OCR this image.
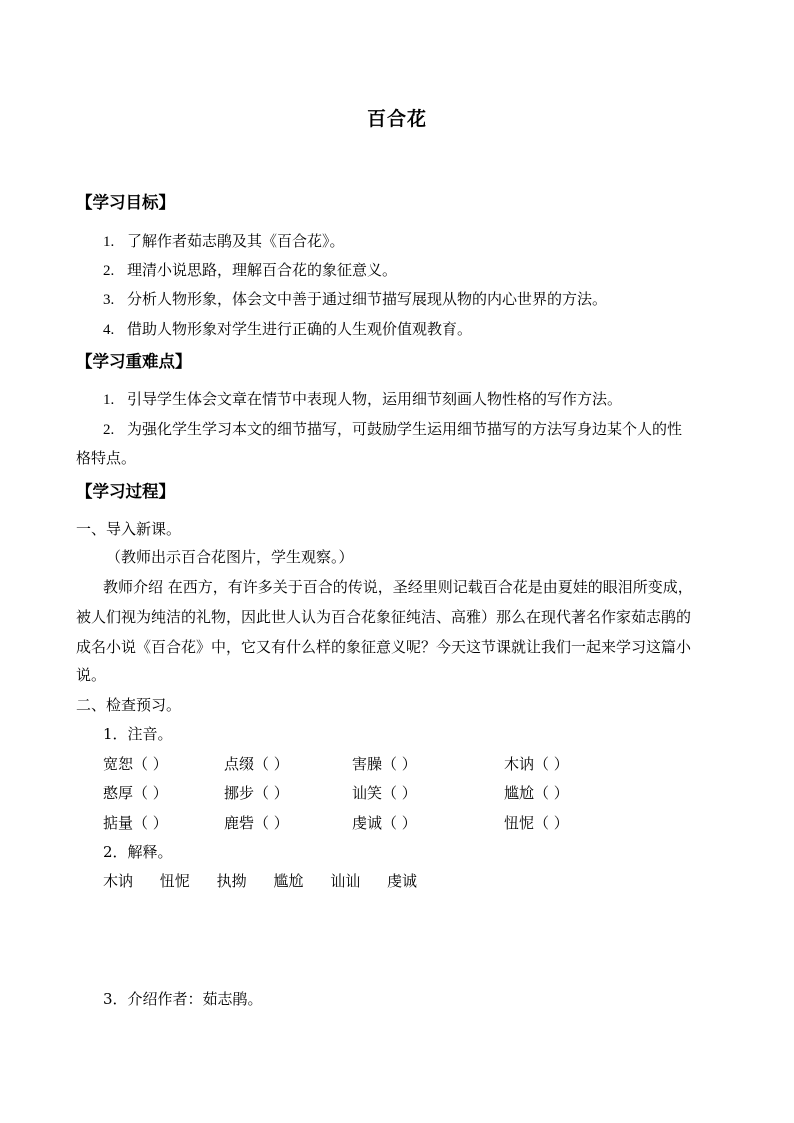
百合花
【学习目标】
1. 了解作者茹志鹃及其《百合花》。
2. 理清小说思路，理解百合花的象征意义。
3. 分析人物形象，体会文中善于通过细节描写展现从物的内心世界的方法。
4. 借助人物形象对学生进行正确的人生观价值观教育。
【学习重难点】
1. 引导学生体会文章在情节中表现人物，运用细节刻画人物性格的写作方法。
2. 为强化学生学习本文的细节描写，可鼓励学生运用细节描写的方法写身边某个人的性
格特点。
【学习过程】
一、导入新课。
（教师出示百合花图片，学生观察。）
教师介绍 在西方，有许多关于百合的传说，圣经里则记载百合花是由夏娃的眼泪所变成，
被人们视为纯洁的礼物，因此世人认为百合花象征纯洁、高雅）那么在现代著名作家茹志鹃的
成名小说《百合花》中，它又有什么样的象征意义呢？今天这节课就让我们一起来学习这篇小
说。
二、检查预习。
1．注音。
宽恕（ ）	点缀（ ）	害臊（ ）	木讷（ ）
憨厚（ ）	挪步（ ）	讪笑（ ）	尴尬（ ）
掂量（ ）	鹿砦（ ）	虔诚（ ）	忸怩（ ）
2．解释。
木讷 忸怩 执拗 尴尬 讪讪 虔诚
3．介绍作者：茹志鹃。
